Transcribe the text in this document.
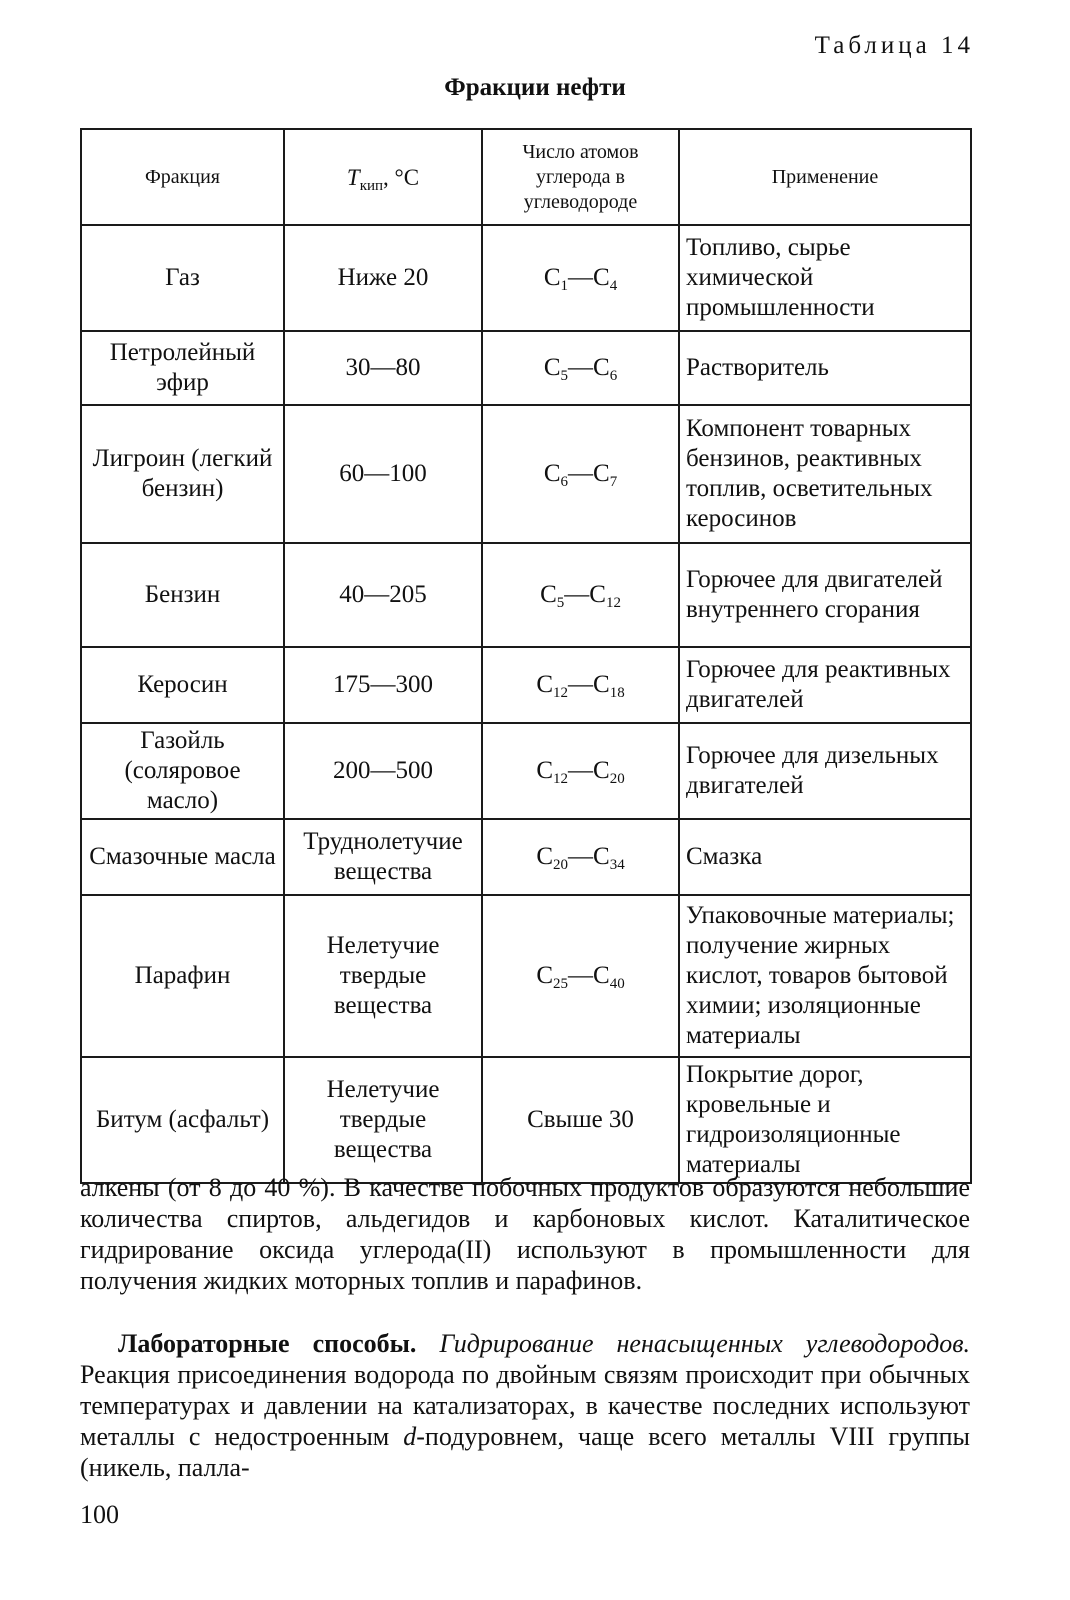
Таблица 14
Фракции нефти
Фракция	$T_{кип}$, °С	Число атомов углерода в углеводороде	Применение
Газ	Ниже 20	$C_1—C_4$	Топливо, сырье химической промышленности
Петролейный эфир	30—80	$C_5—C_6$	Растворитель
Лигроин (легкий бензин)	60—100	$C_6—C_7$	Компонент товарных бензинов, реактивных топлив, осветительных керосинов
Бензин	40—205	$C_5—C_{12}$	Горючее для двигателей внутреннего сгорания
Керосин	175—300	$C_{12}—C_{18}$	Горючее для реактивных двигателей
Газойль (соляровое масло)	200—500	$C_{12}—C_{20}$	Горючее для дизельных двигателей
Смазочные масла	Труднолетучие вещества	$C_{20}—C_{34}$	Смазка
Парафин	Нелетучие твердые вещества	$C_{25}—C_{40}$	Упаковочные материалы; получение жирных кислот, товаров бытовой химии; изоляционные материалы
Битум (асфальт)	Нелетучие твердые вещества	Свыше 30	Покрытие дорог, кровельные и гидроизоляционные материалы
алкены (от 8 до 40 %). В качестве побочных продуктов образуются небольшие количества спиртов, альдегидов и карбоновых кислот. Каталитическое гидрирование оксида углерода(II) используют в промышленности для получения жидких моторных топлив и парафинов.
Лабораторные способы. Гидрирование ненасыщенных углеводородов. Реакция присоединения водорода по двойным связям происходит при обычных температурах и давлении на катализаторах, в качестве последних используют металлы с недостроенным d-подуровнем, чаще всего металлы VIII группы (никель, палла-
100
